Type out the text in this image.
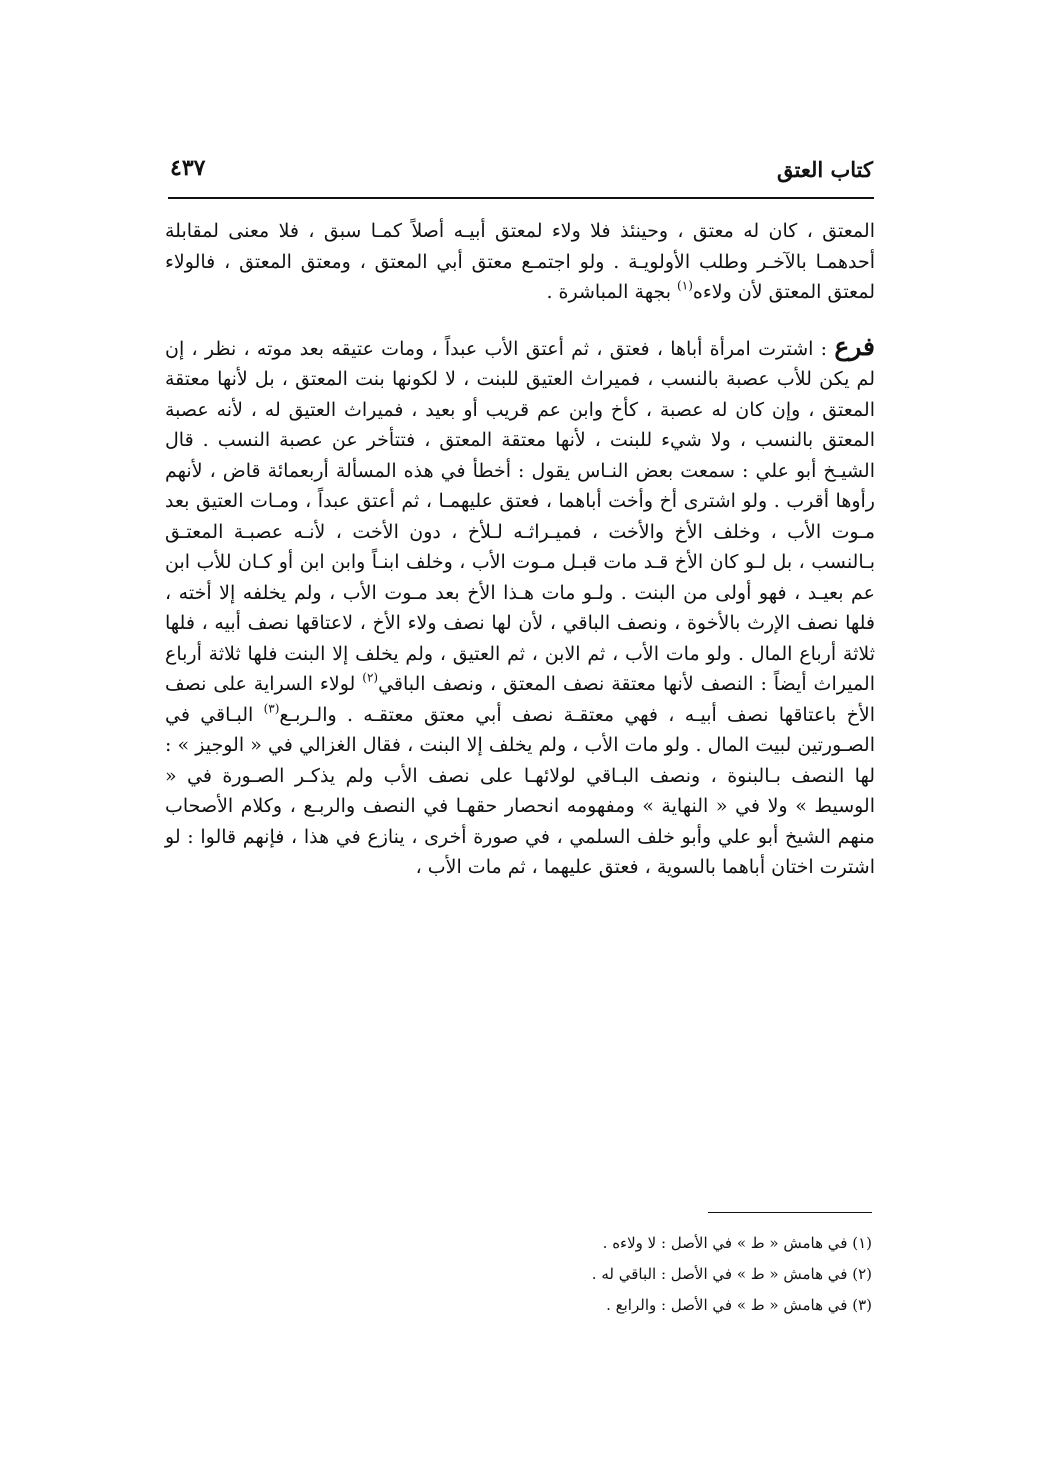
كتاب العتق
٤٣٧

المعتق ، كان له معتق ، وحينئذ فلا ولاء لمعتق أبيـه أصلاً كمـا سبق ، فلا معنى لمقابلة أحدهمـا بالآخـر وطلب الأولويـة . ولو اجتمـع معتق أبي المعتق ، ومعتق المعتق ، فالولاء لمعتق المعتق لأن ولاءه$^{(١)}$ بجهة المباشرة .

فرع : اشترت امرأة أباها ، فعتق ، ثم أعتق الأب عبداً ، ومات عتيقه بعد موته ، نظر ، إن لم يكن للأب عصبة بالنسب ، فميراث العتيق للبنت ، لا لكونها بنت المعتق ، بل لأنها معتقة المعتق ، وإن كان له عصبة ، كأخ وابن عم قريب أو بعيد ، فميراث العتيق له ، لأنه عصبة المعتق بالنسب ، ولا شيء للبنت ، لأنها معتقة المعتق ، فتتأخر عن عصبة النسب . قال الشيـخ أبو علي : سمعت بعض النـاس يقول : أخطأ في هذه المسألة أربعمائة قاض ، لأنهم رأوها أقرب . ولو اشترى أخ وأخت أباهما ، فعتق عليهمـا ، ثم أعتق عبداً ، ومـات العتيق بعد مـوت الأب ، وخلف الأخ والأخت ، فميـراثـه لـلأخ ، دون الأخت ، لأنـه عصبـة المعتـق بـالنسب ، بل لـو كان الأخ قـد مات قبـل مـوت الأب ، وخلف ابنـاً وابن ابن أو كـان للأب ابن عم بعيـد ، فهو أولى من البنت . ولـو مات هـذا الأخ بعد مـوت الأب ، ولم يخلفه إلا أخته ، فلها نصف الإرث بالأخوة ، ونصف الباقي ، لأن لها نصف ولاء الأخ ، لاعتاقها نصف أبيه ، فلها ثلاثة أرباع المال . ولو مات الأب ، ثم الابن ، ثم العتيق ، ولم يخلف إلا البنت فلها ثلاثة أرباع الميراث أيضاً : النصف لأنها معتقة نصف المعتق ، ونصف الباقي$^{(٢)}$ لولاء السراية على نصف الأخ باعتاقها نصف أبيـه ، فهي معتقـة نصف أبي معتق معتقـه . والـربـع$^{(٣)}$ البـاقي في الصـورتين لبيت المال . ولو مات الأب ، ولم يخلف إلا البنت ، فقال الغزالي في « الوجيز » : لها النصف بـالبنوة ، ونصف البـاقي لولائهـا على نصف الأب ولم يذكـر الصـورة في « الوسيط » ولا في « النهاية » ومفهومه انحصار حقهـا في النصف والربـع ، وكلام الأصحاب منهم الشيخ أبو علي وأبو خلف السلمي ، في صورة أخرى ، ينازع في هذا ، فإنهم قالوا : لو اشترت اختان أباهما بالسوية ، فعتق عليهما ، ثم مات الأب ،

(١) في هامش « ط » في الأصل : لا ولاءه .

(٢) في هامش « ط » في الأصل : الباقي له .

(٣) في هامش « ط » في الأصل : والرابع .
